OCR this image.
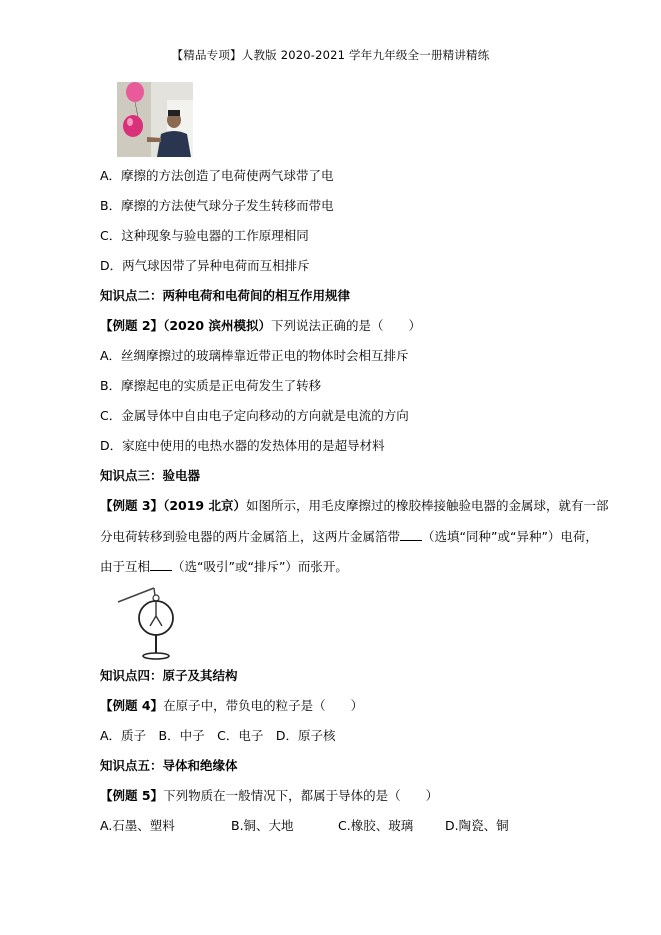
【精品专项】人教版 2020-2021 学年九年级全一册精讲精练
A．摩擦的方法创造了电荷使两气球带了电
B．摩擦的方法使气球分子发生转移而带电
C．这种现象与验电器的工作原理相同
D．两气球因带了异种电荷而互相排斥
知识点二：两种电荷和电荷间的相互作用规律
【例题 2】（2020 滨州模拟）下列说法正确的是（　　）
A．丝绸摩擦过的玻璃棒靠近带正电的物体时会相互排斥
B．摩擦起电的实质是正电荷发生了转移
C．金属导体中自由电子定向移动的方向就是电流的方向
D．家庭中使用的电热水器的发热体用的是超导材料
知识点三：验电器
【例题 3】（2019 北京）如图所示，用毛皮摩擦过的橡胶棒接触验电器的金属球，就有一部
分电荷转移到验电器的两片金属箔上，这两片金属箔带 （选填“同种”或“异种”）电荷，
由于互相 （选“吸引”或“排斥”）而张开。
知识点四：原子及其结构
【例题 4】在原子中，带负电的粒子是（　　）
A．质子　B．中子　C．电子　D．原子核
知识点五：导体和绝缘体
【例题 5】下列物质在一般情况下，都属于导体的是（　　）
A.石墨、塑料	B.铜、大地	C.橡胶、玻璃	D.陶瓷、铜
